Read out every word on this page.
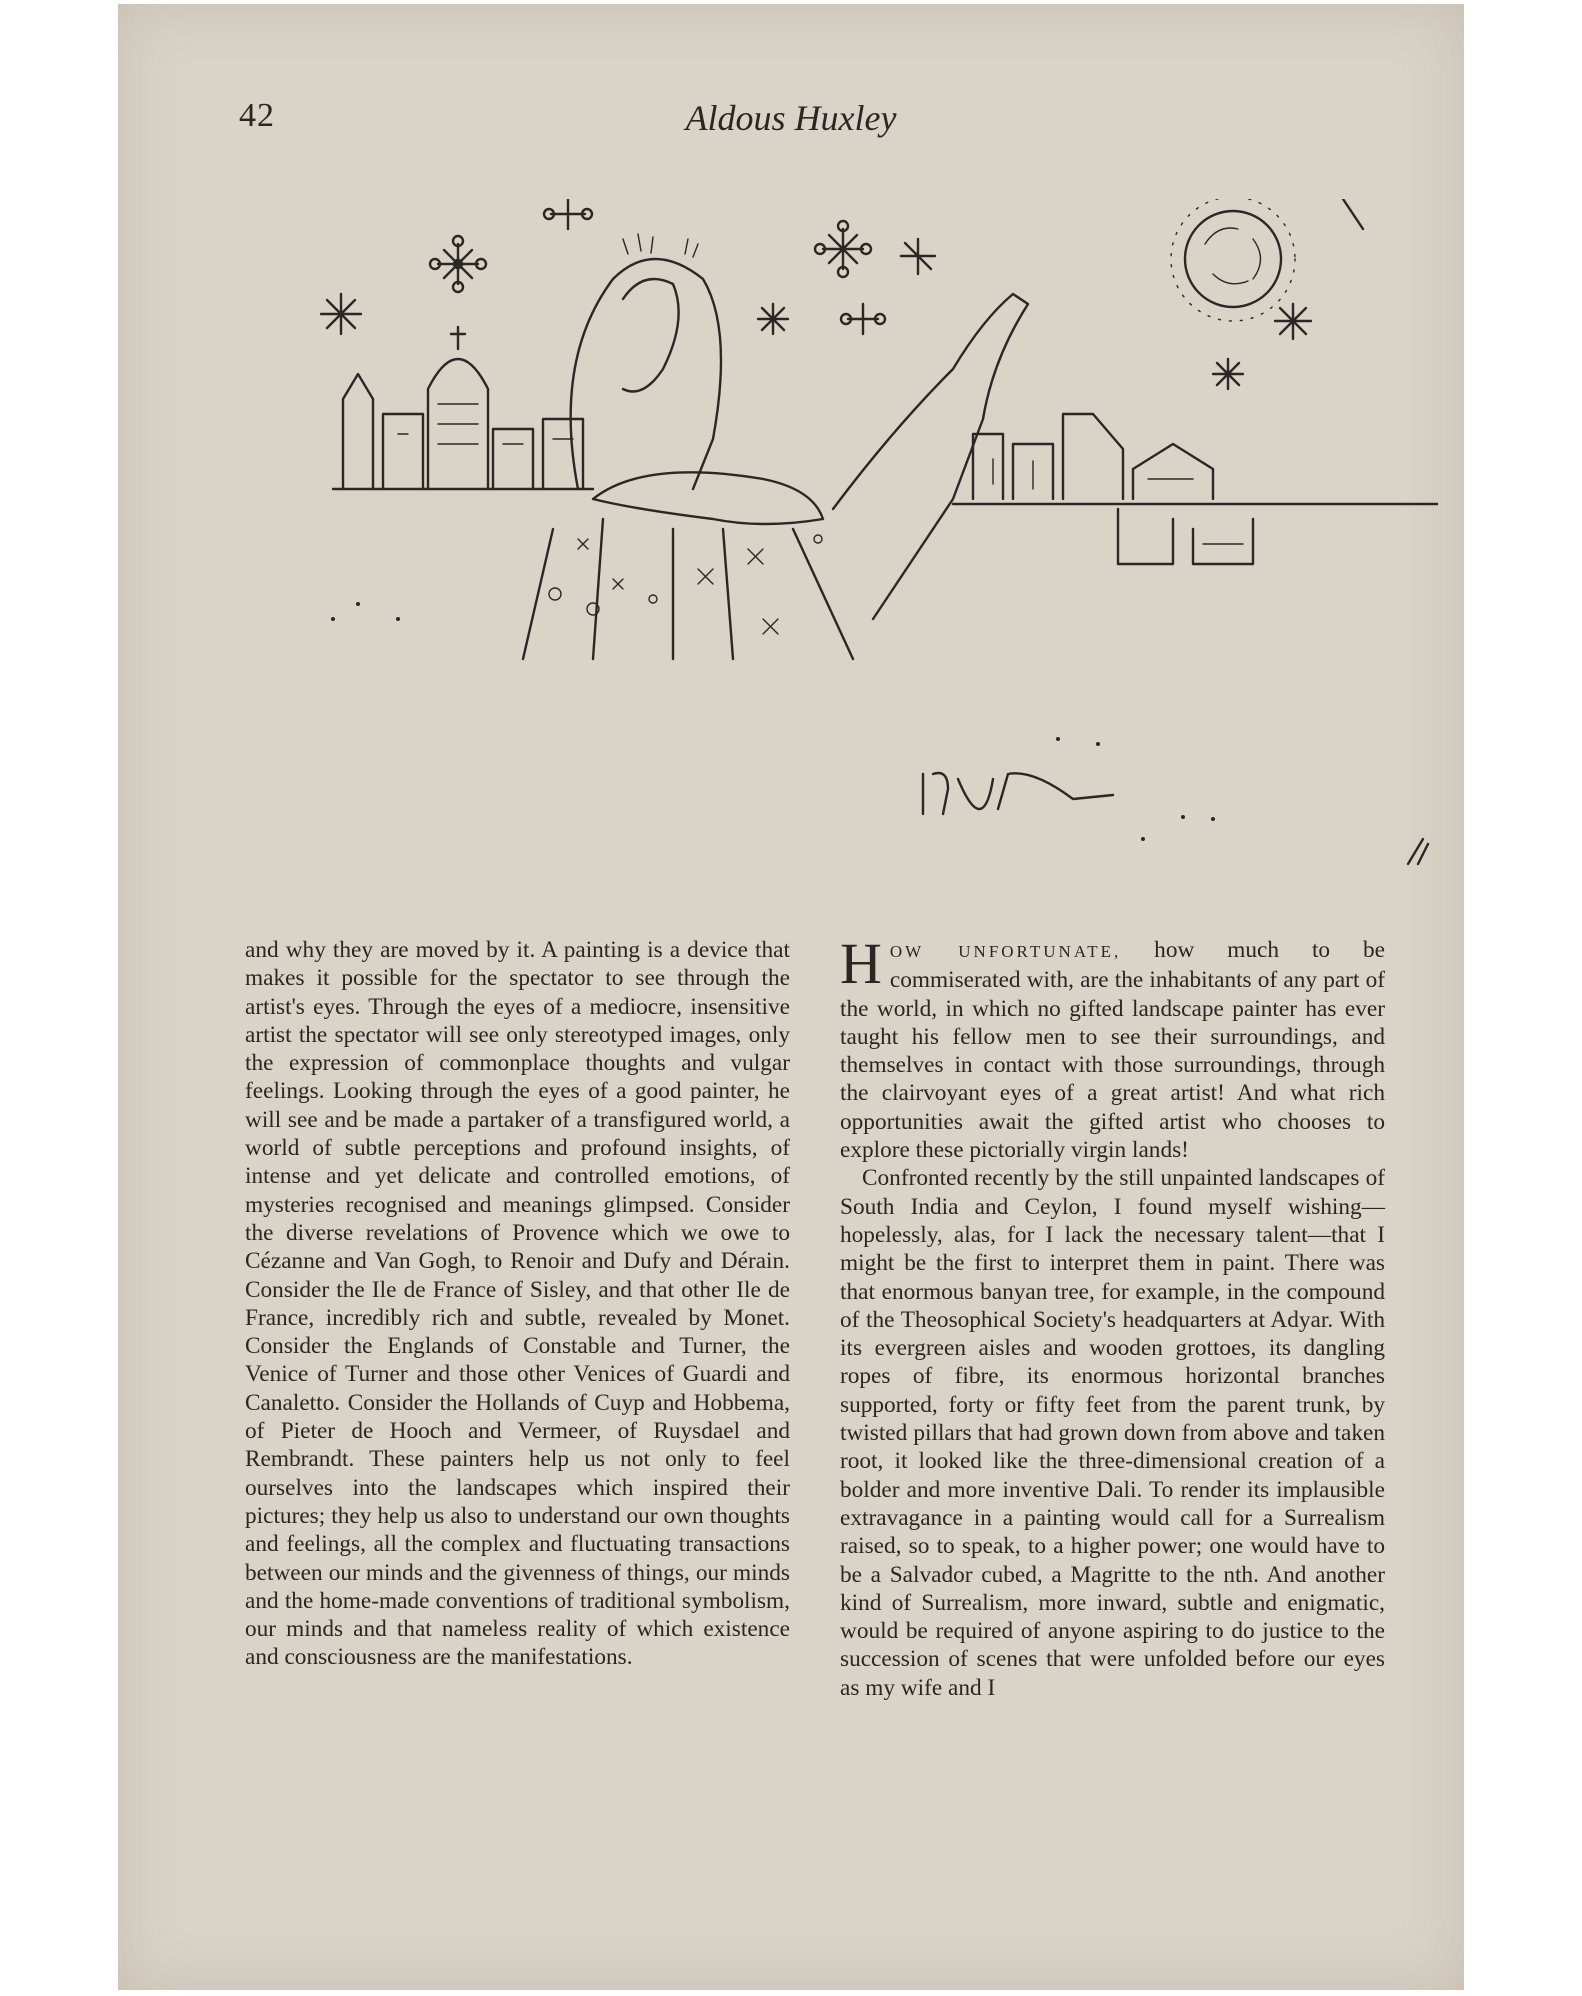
42	Aldous Huxley

and why they are moved by it. A painting is a device that makes it possible for the spectator to see through the artist's eyes. Through the eyes of a mediocre, insensitive artist the spectator will see only stereotyped images, only the expression of commonplace thoughts and vulgar feelings. Looking through the eyes of a good painter, he will see and be made a partaker of a transfigured world, a world of subtle perceptions and profound insights, of intense and yet delicate and controlled emotions, of mysteries recognised and meanings glimpsed. Consider the diverse revelations of Provence which we owe to Cézanne and Van Gogh, to Renoir and Dufy and Dérain. Consider the Ile de France of Sisley, and that other Ile de France, incredibly rich and subtle, revealed by Monet. Consider the Englands of Constable and Turner, the Venice of Turner and those other Venices of Guardi and Canaletto. Consider the Hollands of Cuyp and Hobbema, of Pieter de Hooch and Vermeer, of Ruysdael and Rembrandt. These painters help us not only to feel ourselves into the landscapes which inspired their pictures; they help us also to understand our own thoughts and feelings, all the complex and fluctuating transactions between our minds and the givenness of things, our minds and the home-made conventions of traditional symbolism, our minds and that nameless reality of which existence and consciousness are the manifestations.

HOW UNFORTUNATE, how much to be commiserated with, are the inhabitants of any part of the world, in which no gifted landscape painter has ever taught his fellow men to see their surroundings, and themselves in contact with those surroundings, through the clairvoyant eyes of a great artist! And what rich opportunities await the gifted artist who chooses to explore these pictorially virgin lands!

Confronted recently by the still unpainted landscapes of South India and Ceylon, I found myself wishing—hopelessly, alas, for I lack the necessary talent—that I might be the first to interpret them in paint. There was that enormous banyan tree, for example, in the compound of the Theosophical Society's headquarters at Adyar. With its evergreen aisles and wooden grottoes, its dangling ropes of fibre, its enormous horizontal branches supported, forty or fifty feet from the parent trunk, by twisted pillars that had grown down from above and taken root, it looked like the three-dimensional creation of a bolder and more inventive Dali. To render its implausible extravagance in a painting would call for a Surrealism raised, so to speak, to a higher power; one would have to be a Salvador cubed, a Magritte to the nth. And another kind of Surrealism, more inward, subtle and enigmatic, would be required of anyone aspiring to do justice to the succession of scenes that were unfolded before our eyes as my wife and I
